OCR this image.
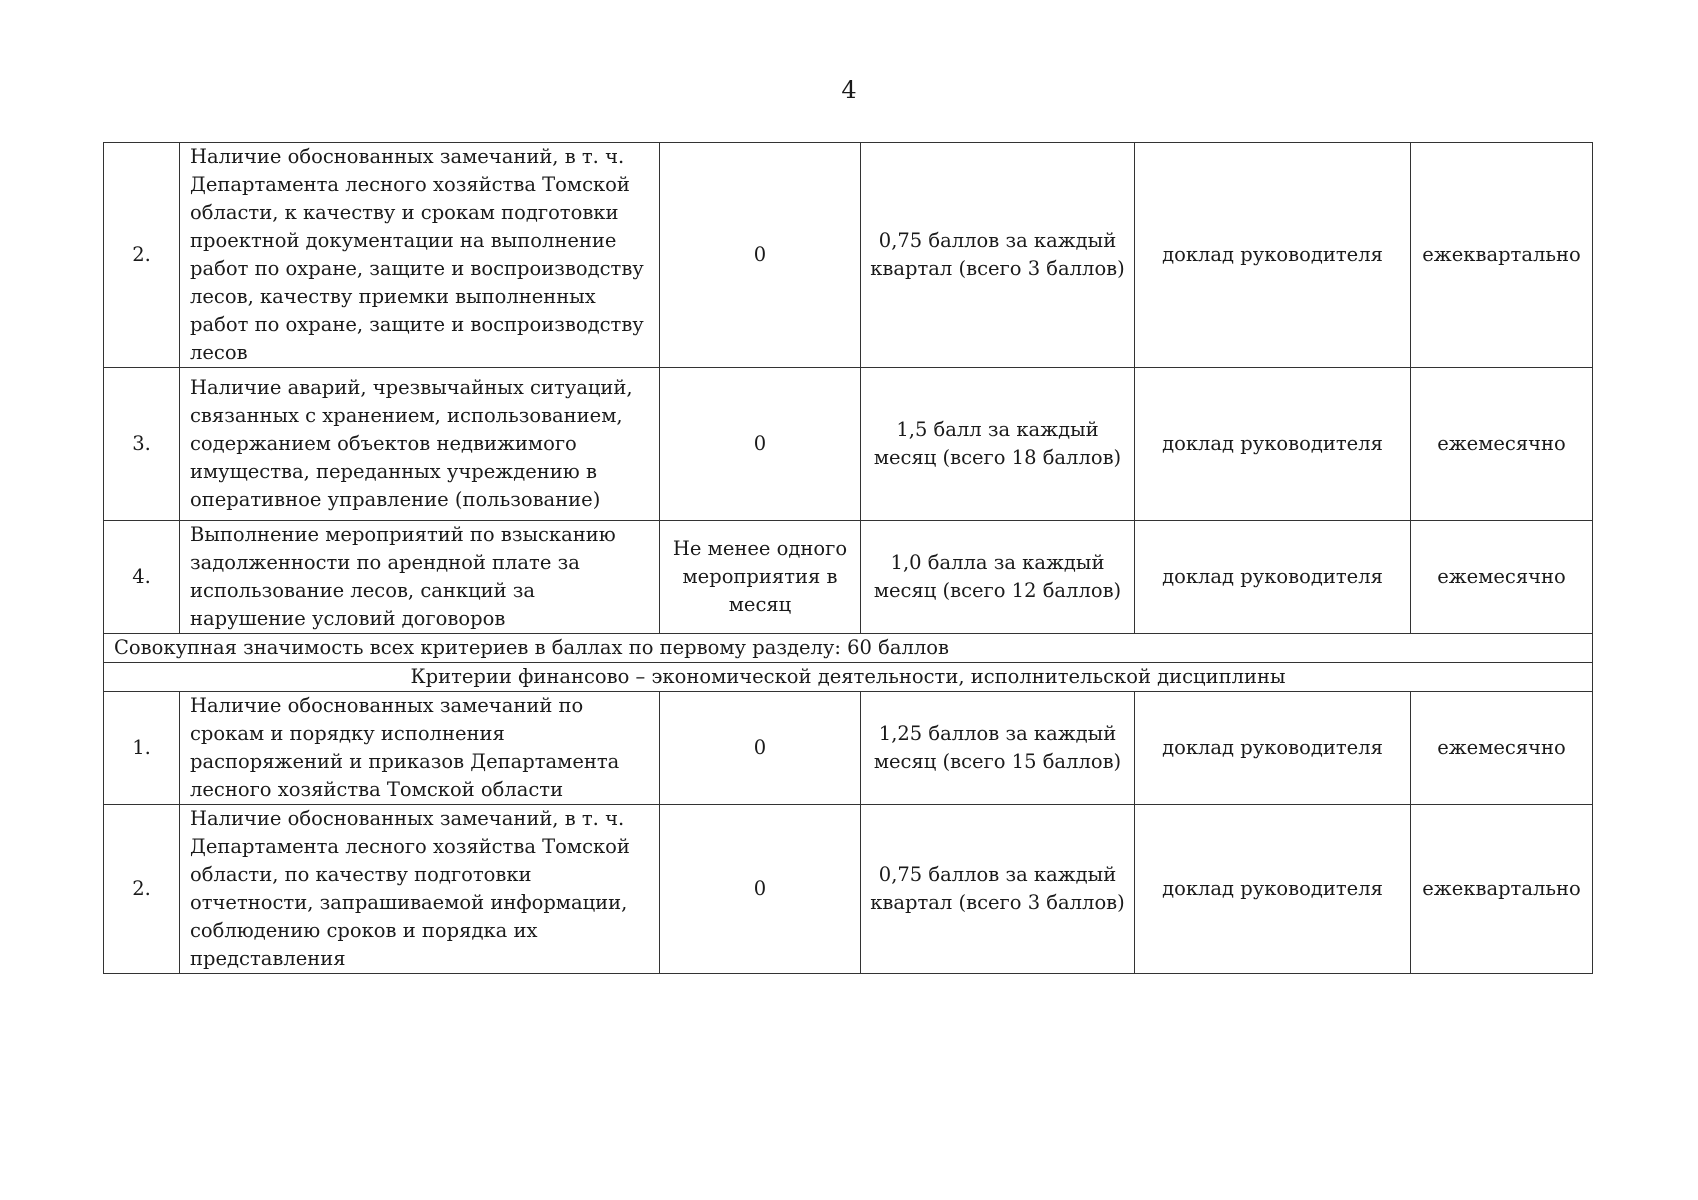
4
2.	Наличие обоснованных замечаний, в т. ч. Департамента лесного хозяйства Томской области, к качеству и срокам подготовки проектной документации на выполнение работ по охране, защите и воспроизводству лесов, качеству приемки выполненных работ по охране, защите и воспроизводству лесов	0	0,75 баллов за каждый квартал (всего 3 баллов)	доклад руководителя	ежеквартально
3.	Наличие аварий, чрезвычайных ситуаций, связанных с хранением, использованием, содержанием объектов недвижимого имущества, переданных учреждению в оперативное управление (пользование)	0	1,5 балл за каждый месяц (всего 18 баллов)	доклад руководителя	ежемесячно
4.	Выполнение мероприятий по взысканию задолженности по арендной плате за использование лесов, санкций за нарушение условий договоров	Не менее одного мероприятия в месяц	1,0 балла за каждый месяц (всего 12 баллов)	доклад руководителя	ежемесячно
Совокупная значимость всех критериев в баллах по первому разделу: 60 баллов					
Критерии финансово – экономической деятельности, исполнительской дисциплины					
1.	Наличие обоснованных замечаний по срокам и порядку исполнения распоряжений и приказов Департамента лесного хозяйства Томской области	0	1,25 баллов за каждый месяц (всего 15 баллов)	доклад руководителя	ежемесячно
2.	Наличие обоснованных замечаний, в т. ч. Департамента лесного хозяйства Томской области, по качеству подготовки отчетности, запрашиваемой информации, соблюдению сроков и порядка их представления	0	0,75 баллов за каждый квартал (всего 3 баллов)	доклад руководителя	ежеквартально
